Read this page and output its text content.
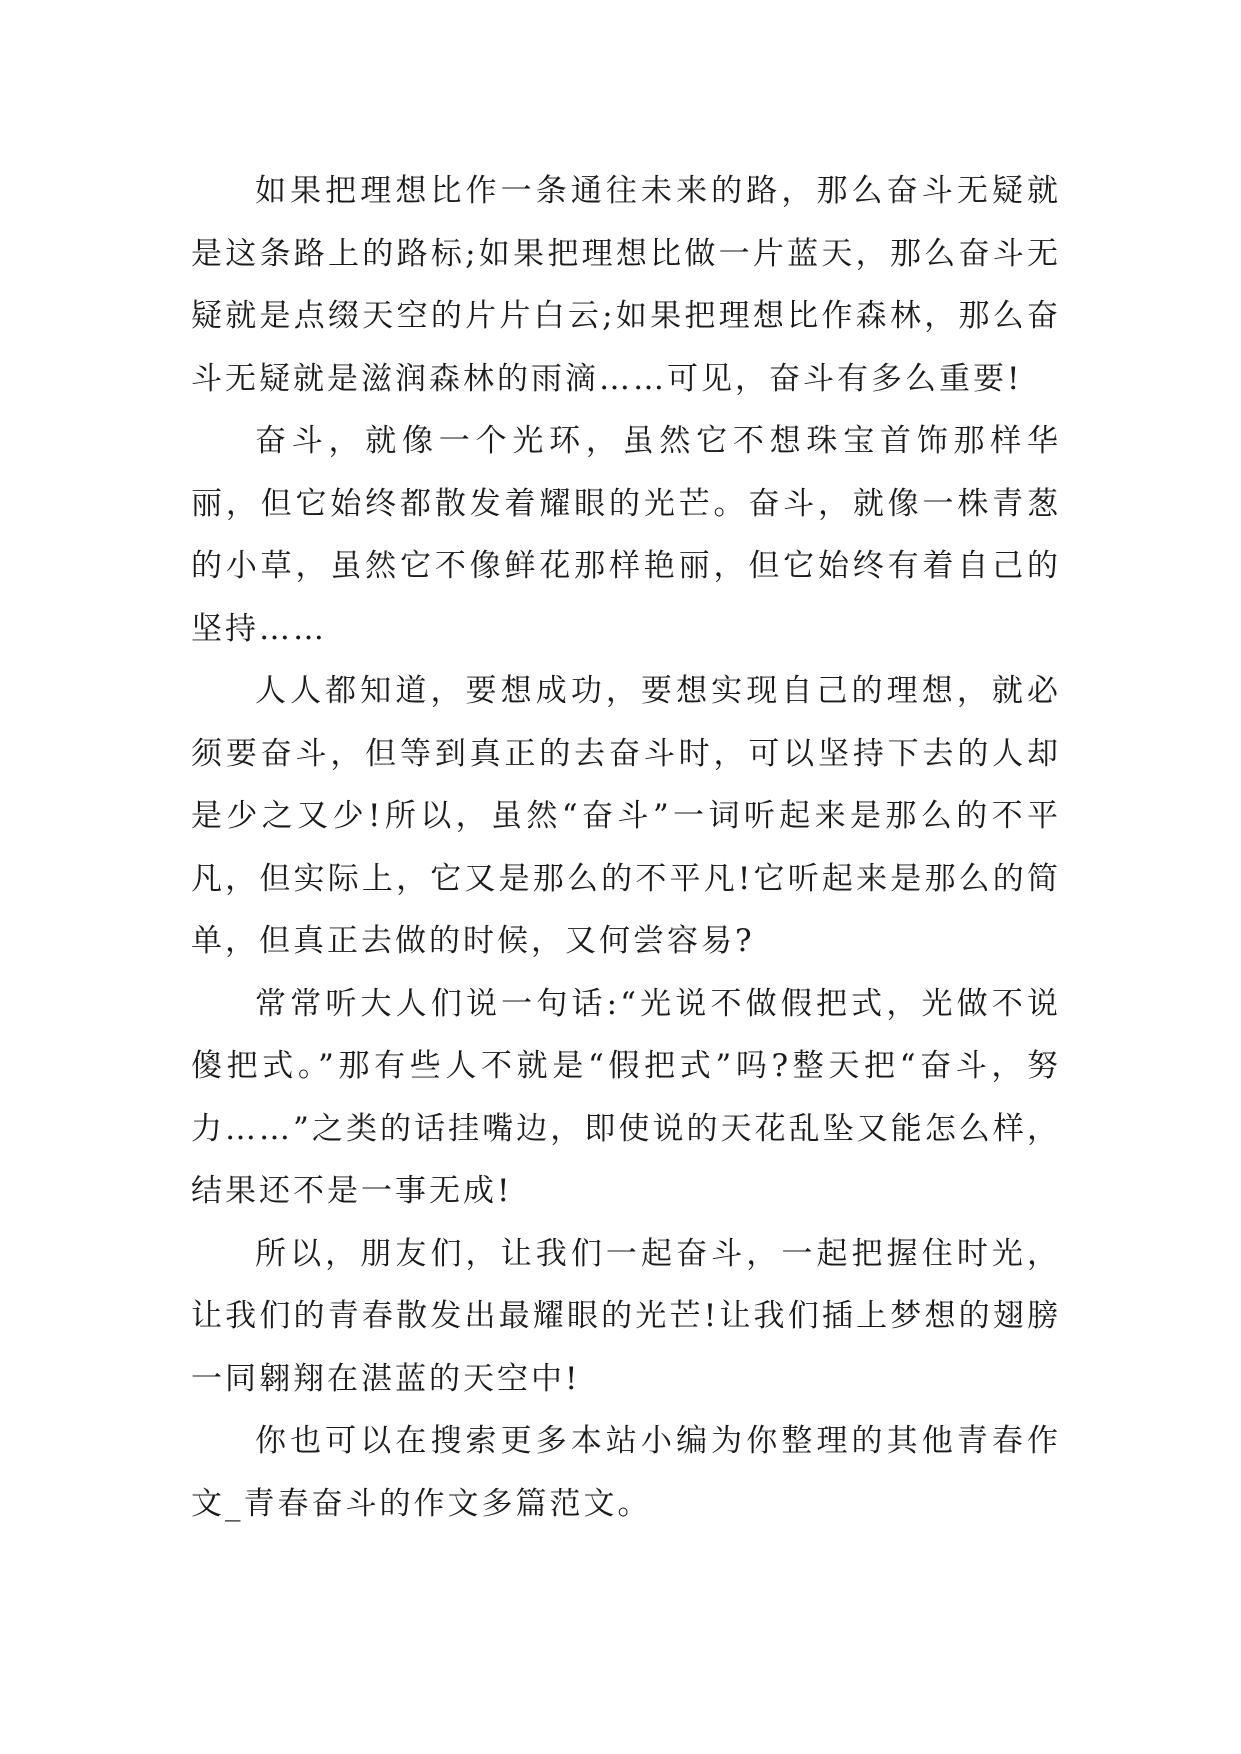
如果把理想比作一条通往未来的路，那么奋斗无疑就是这条路上的路标;如果把理想比做一片蓝天，那么奋斗无疑就是点缀天空的片片白云;如果把理想比作森林，那么奋斗无疑就是滋润森林的雨滴……可见，奋斗有多么重要!

奋斗，就像一个光环，虽然它不想珠宝首饰那样华丽，但它始终都散发着耀眼的光芒。奋斗，就像一株青葱的小草，虽然它不像鲜花那样艳丽，但它始终有着自己的坚持……

人人都知道，要想成功，要想实现自己的理想，就必须要奋斗，但等到真正的去奋斗时，可以坚持下去的人却是少之又少!所以，虽然“奋斗”一词听起来是那么的不平凡，但实际上，它又是那么的不平凡!它听起来是那么的简单，但真正去做的时候，又何尝容易?

常常听大人们说一句话:“光说不做假把式，光做不说傻把式。”那有些人不就是“假把式”吗?整天把“奋斗，努力……”之类的话挂嘴边，即使说的天花乱坠又能怎么样，结果还不是一事无成!

所以，朋友们，让我们一起奋斗，一起把握住时光，让我们的青春散发出最耀眼的光芒!让我们插上梦想的翅膀一同翱翔在湛蓝的天空中!

你也可以在搜索更多本站小编为你整理的其他青春作文_青春奋斗的作文多篇范文。
